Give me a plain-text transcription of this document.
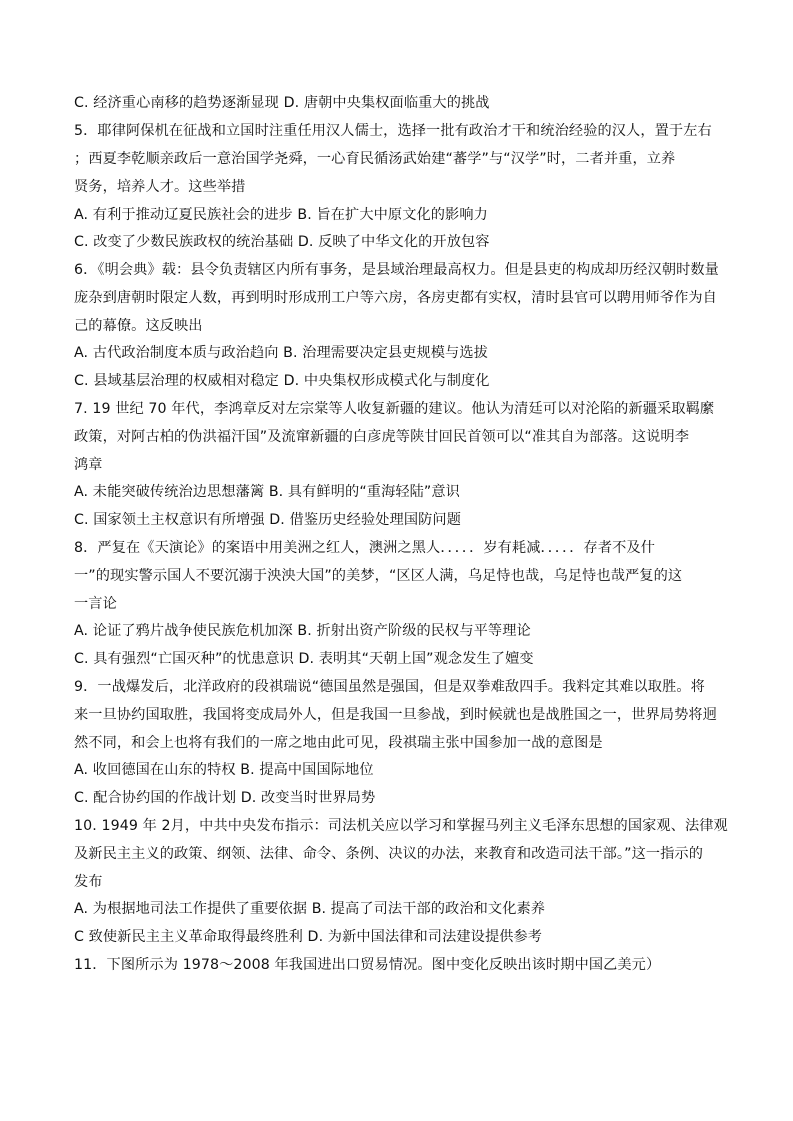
C. 经济重心南移的趋势逐渐显现 D. 唐朝中央集权面临重大的挑战
5．耶律阿保机在征战和立国时注重任用汉人儒士，选择一批有政治才干和统治经验的汉人，置于左右
；西夏李乾顺亲政后一意治国学尧舜，一心育民循汤武始建“蕃学”与“汉学”时，二者并重，立养
贤务，培养人才。这些举措
A. 有利于推动辽夏民族社会的进步 B. 旨在扩大中原文化的影响力
C. 改变了少数民族政权的统治基础 D. 反映了中华文化的开放包容
6．《明会典》载：县令负责辖区内所有事务，是县域治理最高权力。但是县吏的构成却历经汉朝时数量
庞杂到唐朝时限定人数，再到明时形成刑工户等六房，各房吏都有实权，清时县官可以聘用师爷作为自
己的幕僚。这反映出
A. 古代政治制度本质与政治趋向 B. 治理需要决定县吏规模与选拔
C. 县域基层治理的权威相对稳定 D. 中央集权形成模式化与制度化
7. 19 世纪 70 年代，李鸿章反对左宗棠等人收复新疆的建议。他认为清廷可以对沦陷的新疆采取羁縻
政策，对阿古柏的伪洪福汗国”及流窜新疆的白彦虎等陕甘回民首领可以“准其自为部落。这说明李
鸿章
A. 未能突破传统治边思想藩篱 B. 具有鲜明的“重海轻陆”意识
C. 国家领土主权意识有所增强 D. 借鉴历史经验处理国防问题
8．严复在《天演论》的案语中用美洲之红人，澳洲之黑人．．．．．岁有耗减．．．．．存者不及什
一”的现实警示国人不要沉溺于泱泱大国”的美梦，“区区人满，乌足恃也哉，乌足恃也哉严复的这
一言论
A. 论证了鸦片战争使民族危机加深 B. 折射出资产阶级的民权与平等理论
C. 具有强烈“亡国灭种”的忧患意识 D. 表明其“天朝上国”观念发生了嬗变
9．一战爆发后，北洋政府的段祺瑞说“德国虽然是强国，但是双拳难敌四手。我料定其难以取胜。将
来一旦协约国取胜，我国将变成局外人，但是我国一旦参战，到时候就也是战胜国之一，世界局势将迥
然不同，和会上也将有我们的一席之地由此可见，段祺瑞主张中国参加一战的意图是
A. 收回德国在山东的特权 B. 提高中国国际地位
C. 配合协约国的作战计划 D. 改变当时世界局势
10. 1949 年 2月，中共中央发布指示：司法机关应以学习和掌握马列主义毛泽东思想的国家观、法律观
及新民主主义的政策、纲领、法律、命令、条例、决议的办法，来教育和改造司法干部。”这一指示的
发布
A. 为根据地司法工作提供了重要依据 B. 提高了司法干部的政治和文化素养
C 致使新民主主义革命取得最终胜利 D. 为新中国法律和司法建设提供参考
11．下图所示为 1978～2008 年我国进出口贸易情况。图中变化反映出该时期中国乙美元）
